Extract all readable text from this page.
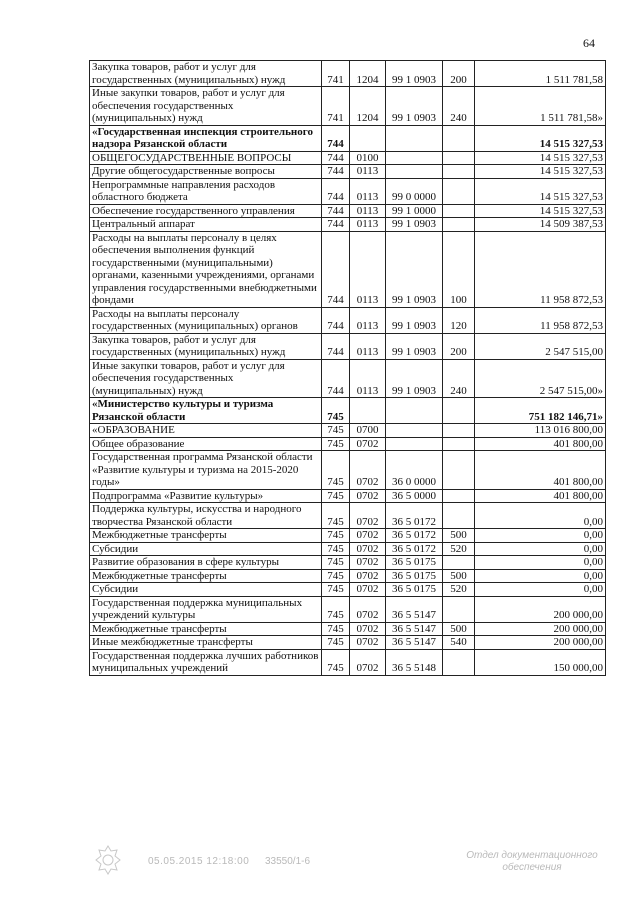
64
Закупка товаров, работ и услуг для государственных (муниципальных) нужд	741	1204	99 1 0903	200	1 511 781,58
Иные закупки товаров, работ и услуг для обеспечения государственных (муниципальных) нужд	741	1204	99 1 0903	240	1 511 781,58»
«Государственная инспекция строительного надзора Рязанской области	744				14 515 327,53
ОБЩЕГОСУДАРСТВЕННЫЕ ВОПРОСЫ	744	0100			14 515 327,53
Другие общегосударственные вопросы	744	0113			14 515 327,53
Непрограммные направления расходов областного бюджета	744	0113	99 0 0000		14 515 327,53
Обеспечение государственного управления	744	0113	99 1 0000		14 515 327,53
Центральный аппарат	744	0113	99 1 0903		14 509 387,53
Расходы на выплаты персоналу в целях обеспечения выполнения функций государственными (муниципальными) органами, казенными учреждениями, органами управления государственными внебюджетными фондами	744	0113	99 1 0903	100	11 958 872,53
Расходы на выплаты персоналу государственных (муниципальных) органов	744	0113	99 1 0903	120	11 958 872,53
Закупка товаров, работ и услуг для государственных (муниципальных) нужд	744	0113	99 1 0903	200	2 547 515,00
Иные закупки товаров, работ и услуг для обеспечения государственных (муниципальных) нужд	744	0113	99 1 0903	240	2 547 515,00»
«Министерство культуры и туризма Рязанской области	745				751 182 146,71»
«ОБРАЗОВАНИЕ	745	0700			113 016 800,00
Общее образование	745	0702			401 800,00
Государственная программа Рязанской области «Развитие культуры и туризма на 2015-2020 годы»	745	0702	36 0 0000		401 800,00
Подпрограмма «Развитие культуры»	745	0702	36 5 0000		401 800,00
Поддержка культуры, искусства и народного творчества Рязанской области	745	0702	36 5 0172		0,00
Межбюджетные трансферты	745	0702	36 5 0172	500	0,00
Субсидии	745	0702	36 5 0172	520	0,00
Развитие образования в сфере культуры	745	0702	36 5 0175		0,00
Межбюджетные трансферты	745	0702	36 5 0175	500	0,00
Субсидии	745	0702	36 5 0175	520	0,00
Государственная поддержка муниципальных учреждений культуры	745	0702	36 5 5147		200 000,00
Межбюджетные трансферты	745	0702	36 5 5147	500	200 000,00
Иные межбюджетные трансферты	745	0702	36 5 5147	540	200 000,00
Государственная поддержка лучших работников муниципальных учреждений	745	0702	36 5 5148		150 000,00
05.05.2015 12:18:00 33550/1-6
Отдел документационного
обеспечения
